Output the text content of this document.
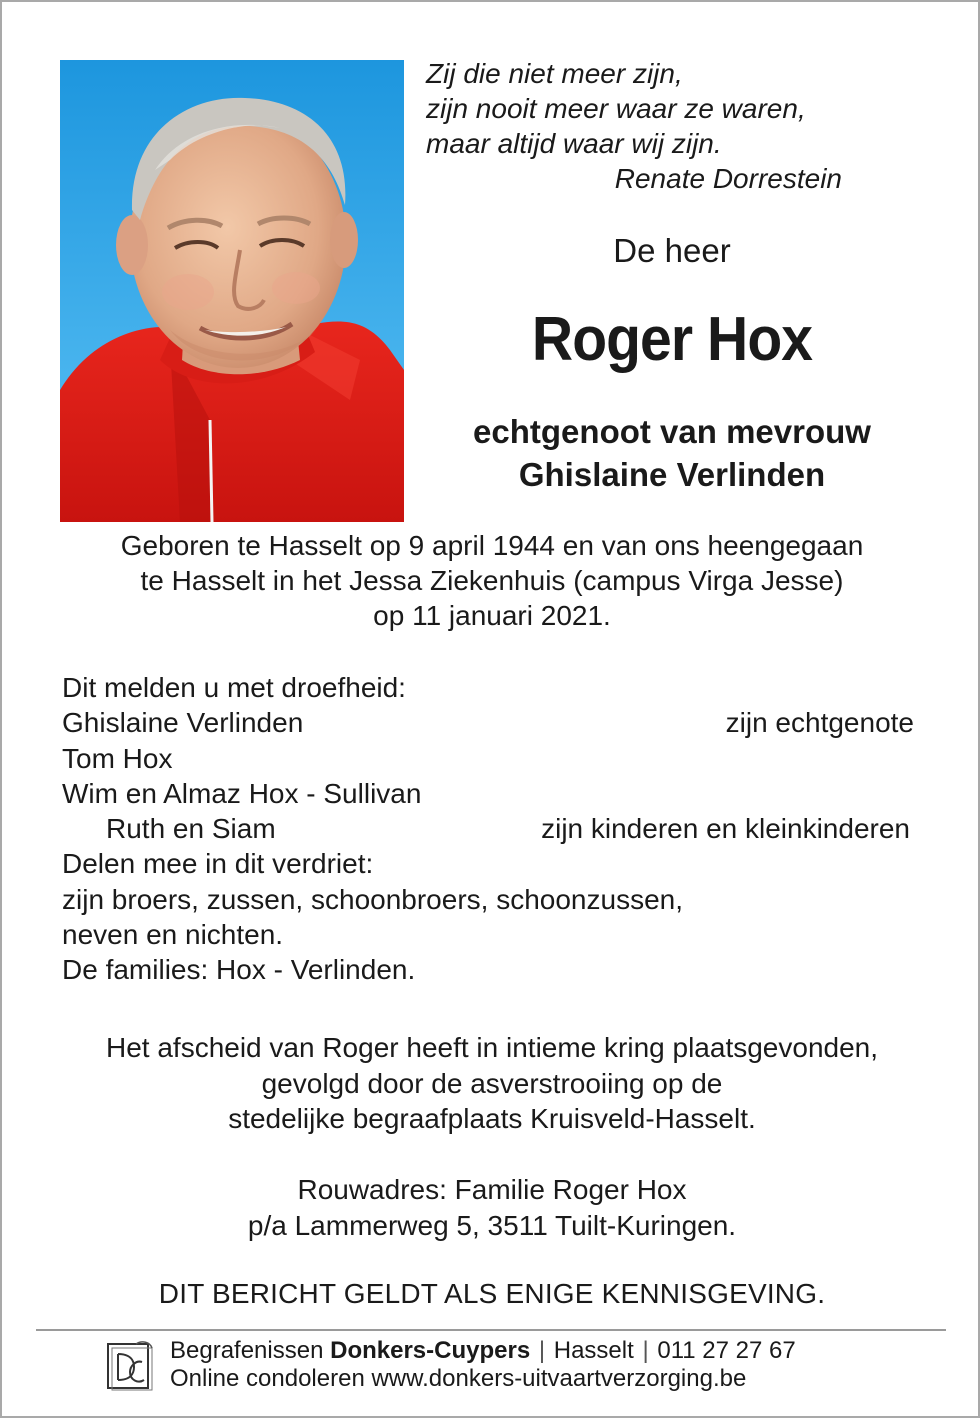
Zij die niet meer zijn,
zijn nooit meer waar ze waren,
maar altijd waar wij zijn.
Renate Dorrestein
De heer
Roger Hox
echtgenoot van mevrouw
Ghislaine Verlinden
Geboren te Hasselt op 9 april 1944 en van ons heengegaan
te Hasselt in het Jessa Ziekenhuis (campus Virga Jesse)
op 11 januari 2021.
Dit melden u met droefheid:
Ghislaine Verlinden	zijn echtgenote
Tom Hox
Wim en Almaz Hox - Sullivan
Ruth en Siam	zijn kinderen en kleinkinderen
Delen mee in dit verdriet:
zijn broers, zussen, schoonbroers, schoonzussen,
neven en nichten.
De families: Hox - Verlinden.
Het afscheid van Roger heeft in intieme kring plaatsgevonden,
gevolgd door de asverstrooiing op de
stedelijke begraafplaats Kruisveld-Hasselt.
Rouwadres: Familie Roger Hox
p/a Lammerweg 5, 3511 Tuilt-Kuringen.
DIT BERICHT GELDT ALS ENIGE KENNISGEVING.
Begrafenissen Donkers-Cuypers | Hasselt | 011 27 27 67
Online condoleren www.donkers-uitvaartverzorging.be
